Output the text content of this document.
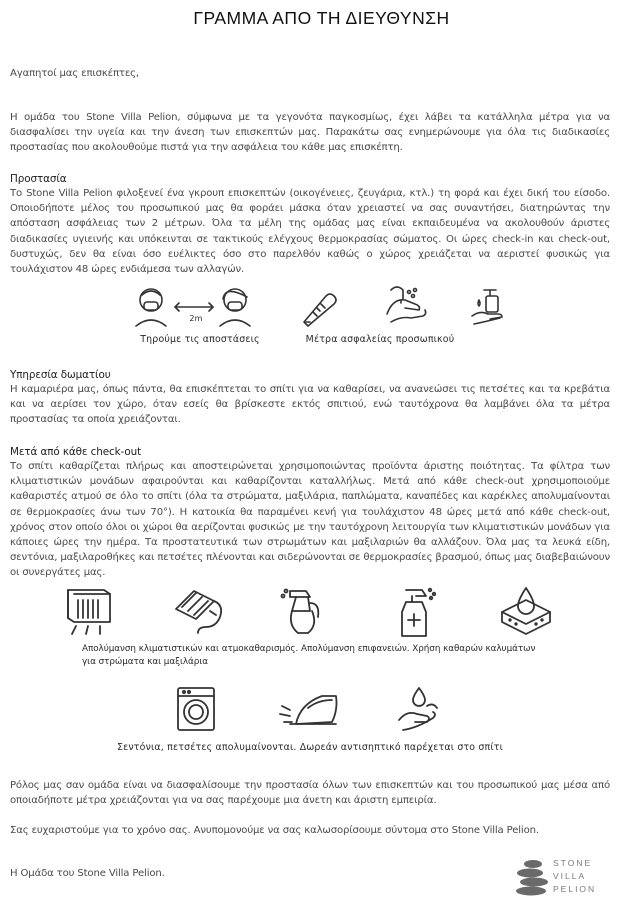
ΓΡΑΜΜΑ ΑΠΟ ΤΗ ΔΙΕΥΘΥΝΣΗ
Αγαπητοί μας επισκέπτες,
Η ομάδα του Stone Villa Pelion, σύμφωνα με τα γεγονότα παγκοσμίως, έχει λάβει τα κατάλληλα μέτρα για να διασφαλίσει την υγεία και την άνεση των επισκεπτών μας. Παρακάτω σας ενημερώνουμε για όλα τις διαδικασίες προστασίας που ακολουθούμε πιστά για την ασφάλεια του κάθε μας επισκέπτη.
Προστασία
Το Stone Villa Pelion φιλοξενεί ένα γκρουπ επισκεπτών (οικογένειες, ζευγάρια, κτλ.) τη φορά και έχει δική του είσοδο. Οποιοδήποτε μέλος του προσωπικού μας θα φοράει μάσκα όταν χρειαστεί να σας συναντήσει, διατηρώντας την απόσταση ασφάλειας των 2 μέτρων. Όλα τα μέλη της ομάδας μας είναι εκπαιδευμένα να ακολουθούν άριστες διαδικασίες υγιεινής και υπόκεινται σε τακτικούς ελέγχους θερμοκρασίας σώματος. Οι ώρες check-in και check-out, δυστυχώς, δεν θα είναι όσο ευέλικτες όσο στο παρελθόν καθώς ο χώρος χρειάζεται να αεριστεί φυσικώς για τουλάχιστον 48 ώρες ενδιάμεσα των αλλαγών.
2m
Τηρούμε τις αποστάσεις	Μέτρα ασφαλείας προσωπικού
Υπηρεσία δωματίου
Η καμαριέρα μας, όπως πάντα, θα επισκέπτεται το σπίτι για να καθαρίσει, να ανανεώσει τις πετσέτες και τα κρεβάτια και να αερίσει τον χώρο, όταν εσείς θα βρίσκεστε εκτός σπιτιού, ενώ ταυτόχρονα θα λαμβάνει όλα τα μέτρα προστασίας τα οποία χρειάζονται.
Μετά από κάθε check-out
Το σπίτι καθαρίζεται πλήρως και αποστειρώνεται χρησιμοποιώντας προϊόντα άριστης ποιότητας. Τα φίλτρα των κλιματιστικών μονάδων αφαιρούνται και καθαρίζονται καταλλήλως. Μετά από κάθε check-out χρησιμοποιούμε καθαριστές ατμού σε όλο το σπίτι (όλα τα στρώματα, μαξιλάρια, παπλώματα, καναπέδες και καρέκλες απολυμαίνονται σε θερμοκρασίες άνω των 70°). Η κατοικία θα παραμένει κενή για τουλάχιστον 48 ώρες μετά από κάθε check-out, χρόνος στον οποίο όλοι οι χώροι θα αερίζονται φυσικώς με την ταυτόχρονη λειτουργία των κλιματιστικών μονάδων για κάποιες ώρες την ημέρα. Τα προστατευτικά των στρωμάτων και μαξιλαριών θα αλλάζουν. Όλα μας τα λευκά είδη, σεντόνια, μαξιλαροθήκες και πετσέτες πλένονται και σιδερώνονται σε θερμοκρασίες βρασμού, όπως μας διαβεβαιώνουν οι συνεργάτες μας.
Απολύμανση κλιματιστικών και ατμοκαθαρισμός. Απολύμανση επιφανειών. Χρήση καθαρών καλυμάτων
για στρώματα και μαξιλάρια
Σεντόνια, πετσέτες απολυμαίνονται. Δωρεάν αντισηπτικό παρέχεται στο σπίτι
Ρόλος μας σαν ομάδα είναι να διασφαλίσουμε την προστασία όλων των επισκεπτών και του προσωπικού μας μέσα από οποιαδήποτε μέτρα χρειάζονται για να σας παρέχουμε μια άνετη και άριστη εμπειρία.
Σας ευχαριστούμε για το χρόνο σας. Ανυπομονούμε να σας καλωσορίσουμε σύντομα στο Stone Villa Pelion.
Η Ομάδα του Stone Villa Pelion.
STONE
VILLA
PELION
